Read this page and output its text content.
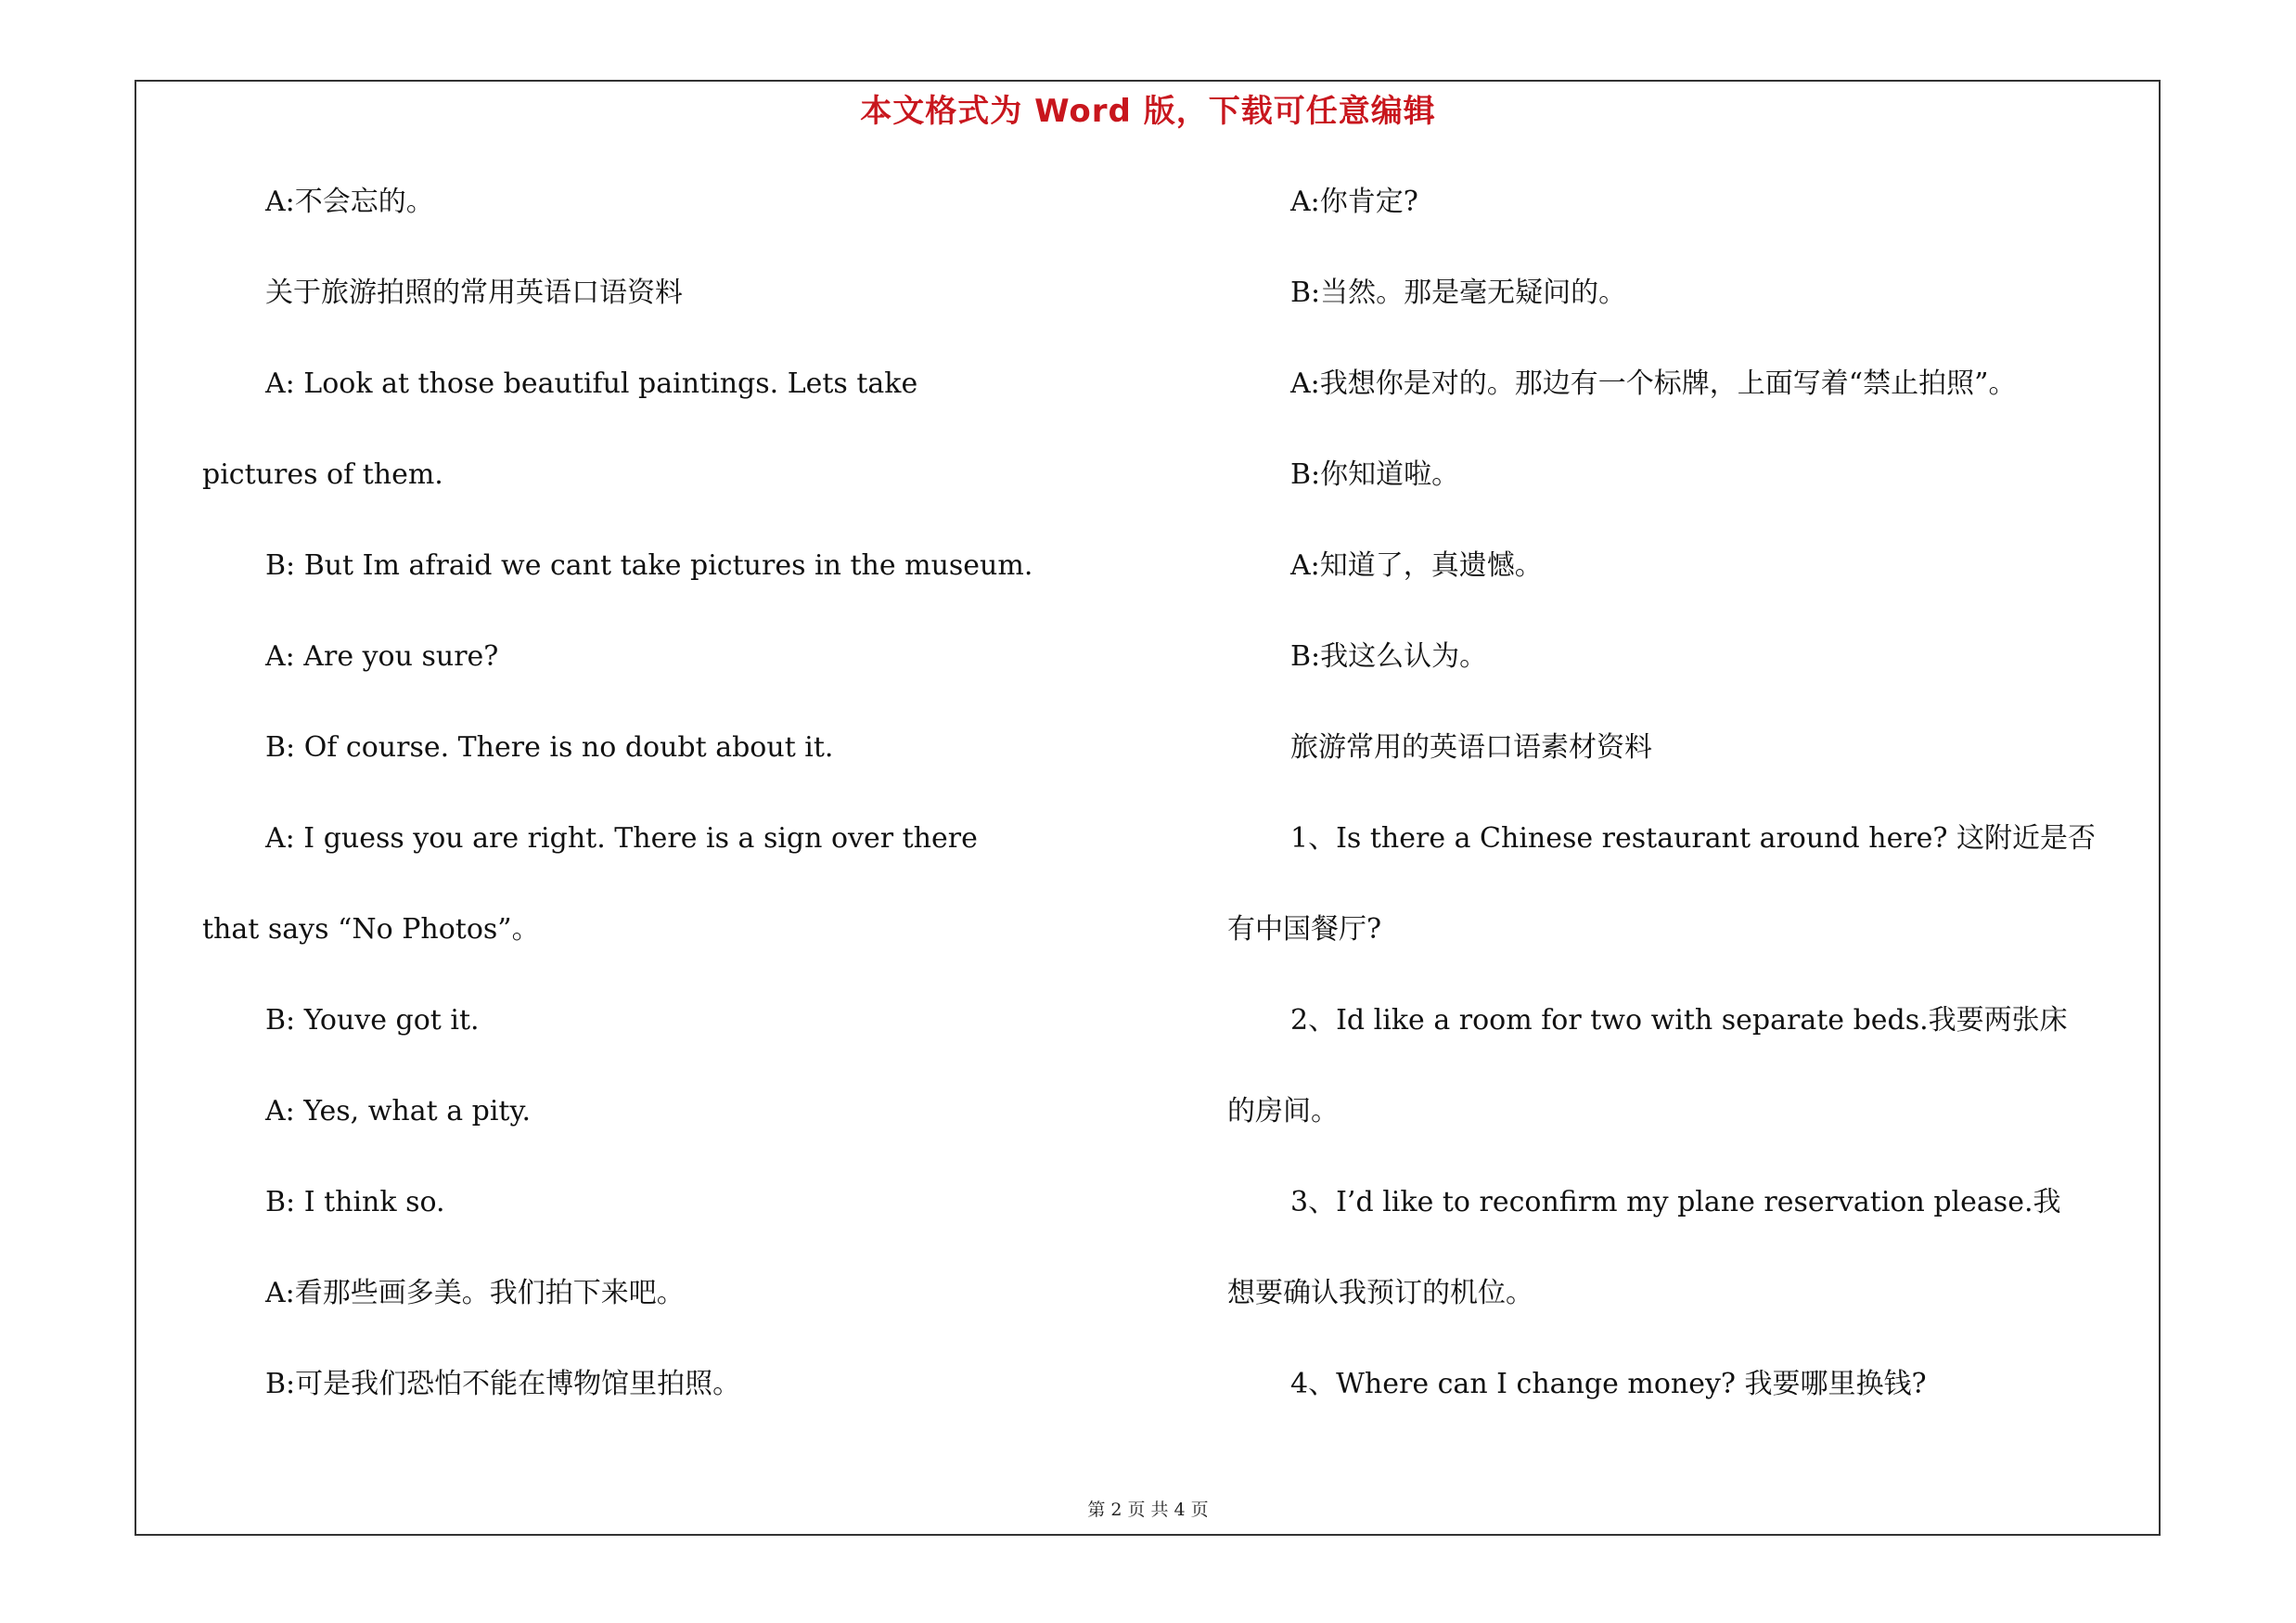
本文格式为 Word 版，下载可任意编辑
A:不会忘的。
关于旅游拍照的常用英语口语资料
A: Look at those beautiful paintings. Lets take
pictures of them.
B: But Im afraid we cant take pictures in the museum.
A: Are you sure?
B: Of course. There is no doubt about it.
A: I guess you are right. There is a sign over there
that says “No Photos”。
B: Youve got it.
A: Yes, what a pity.
B: I think so.
A:看那些画多美。我们拍下来吧。
B:可是我们恐怕不能在博物馆里拍照。
A:你肯定?
B:当然。那是毫无疑问的。
A:我想你是对的。那边有一个标牌，上面写着“禁止拍照”。
B:你知道啦。
A:知道了，真遗憾。
B:我这么认为。
旅游常用的英语口语素材资料
1、Is there a Chinese restaurant around here? 这附近是否
有中国餐厅?
2、Id like a room for two with separate beds.我要两张床
的房间。
3、I’d like to reconfirm my plane reservation please.我
想要确认我预订的机位。
4、Where can I change money? 我要哪里换钱?
第 2 页 共 4 页
